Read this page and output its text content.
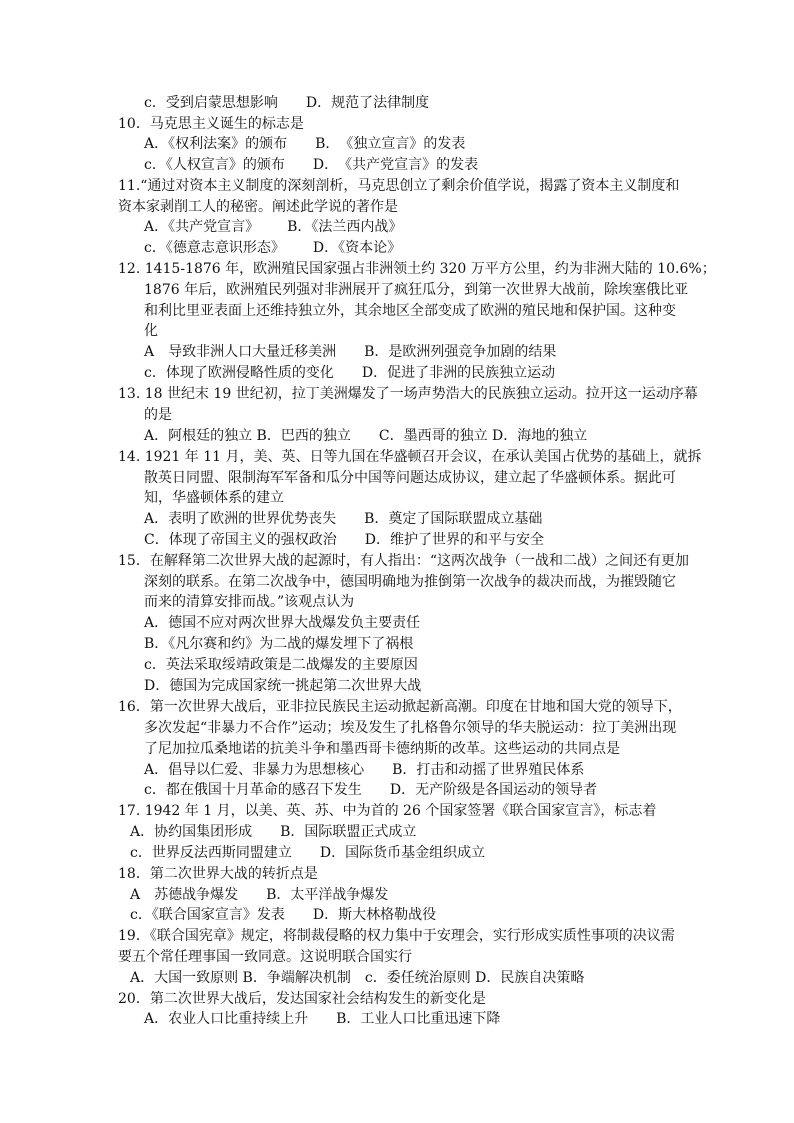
c．受到启蒙思想影响 D．规范了法律制度
10．马克思主义诞生的标志是
A．《权利法案》的颁布 B．　《独立宣言》的发表
c．《人权宣言》的颁布 D．　《共产党宣言》的发表
11.“通过对资本主义制度的深刻剖析，马克思创立了剩余价值学说，揭露了资本主义制度和
资本家剥削工人的秘密。阐述此学说的著作是
A．《共产党宣言》 B．《法兰西内战》
c．《德意志意识形态》 D．《资本论》
12. 1415-1876 年，欧洲殖民国家强占非洲领土约 320 万平方公里，约为非洲大陆的 10.6%；
1876 年后，欧洲殖民列强对非洲展开了疯狂瓜分，到第一次世界大战前，除埃塞俄比亚
和利比里亚表面上还维持独立外，其余地区全部变成了欧洲的殖民地和保护国。这种变
化
A　导致非洲人口大量迁移美洲 B．是欧洲列强竞争加剧的结果
c．体现了欧洲侵略性质的变化 D．促进了非洲的民族独立运动
13. 18 世纪末 19 世纪初，拉丁美洲爆发了一场声势浩大的民族独立运动。拉开这一运动序幕
的是
A．阿根廷的独立 B．巴西的独立 C．墨西哥的独立 D．海地的独立
14. 1921 年 11 月，美、英、日等九国在华盛顿召开会议，在承认美国占优势的基础上，就拆
散英日同盟、限制海军军备和瓜分中国等问题达成协议，建立起了华盛顿体系。据此可
知，华盛顿体系的建立
A．表明了欧洲的世界优势丧失 B．奠定了国际联盟成立基础
C．体现了帝国主义的强权政治 D．维护了世界的和平与安全
15．在解释第二次世界大战的起源时，有人指出：“这两次战争（一战和二战）之间还有更加
深刻的联系。在第二次战争中，德国明确地为推倒第一次战争的裁决而战，为摧毁随它
而来的清算安排而战。”该观点认为
A．德国不应对两次世界大战爆发负主要责任
B．《凡尔赛和约》为二战的爆发埋下了祸根
c．英法采取绥靖政策是二战爆发的主要原因
D．德国为完成国家统一挑起第二次世界大战
16．第一次世界大战后，亚非拉民族民主运动掀起新高潮。印度在甘地和国大党的领导下，
多次发起“非暴力不合作”运动；埃及发生了扎格鲁尔领导的华夫脱运动：拉丁美洲出现
了尼加拉瓜桑地诺的抗美斗争和墨西哥卡德纳斯的改革。这些运动的共同点是
A．倡导以仁爱、非暴力为思想核心 B．打击和动摇了世界殖民体系
c．都在俄国十月革命的感召下发生 D．无产阶级是各国运动的领导者
17. 1942 年 1 月，以美、英、苏、中为首的 26 个国家签署《联合国家宣言》，标志着
A．协约国集团形成 B．国际联盟正式成立
c．世界反法西斯同盟建立 D．国际货币基金组织成立
18．第二次世界大战的转折点是
A　苏德战争爆发 B．太平洋战争爆发
c．《联合国家宣言》发表 D．斯大林格勒战役
19．《联合国宪章》规定，将制裁侵略的权力集中于安理会，实行形成实质性事项的决议需
要五个常任理事国一致同意。这说明联合国实行
A．大国一致原则 B．争端解决机制 c．委任统治原则 D．民族自决策略
20．第二次世界大战后，发达国家社会结构发生的新变化是
A．农业人口比重持续上升 B．工业人口比重迅速下降
